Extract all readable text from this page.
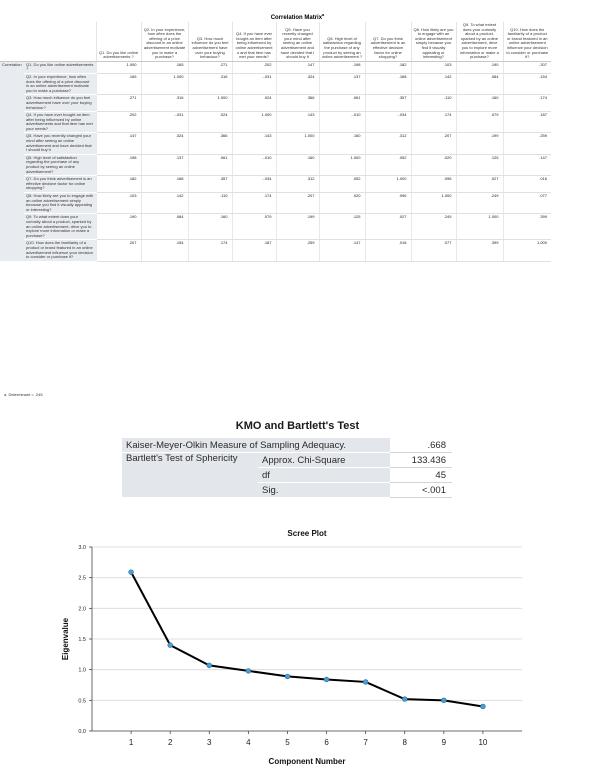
Correlation Matrix$^a$
		Q1. Do you like online advertisements ?	Q2. In your experience, how often does the offering of a price discount in an online advertisement motivate you to make a purchase?	Q3. How much influence do you feel advertisement have over your buying behaviour?	Q4. If you have ever bought an item after being influenced by online advertisement s and that item has met your needs?	Q5. Have you recently changed your mind after seeing an online advertisement and have decided that I should buy it	Q6. High level of satisfaction regarding the purchase of any product by seeing an online advertisement ?	Q7. Do you think advertisement is an effective decisive factor for online shopping?	Q8. How likely are you to engage with an online advertisement simply because you find it visually appealing or interesting?	Q9. To what extent does your curiosity about a product, sparked by an online advertisement, drive you to explore more information or make a purchase?	Q10. How does the familiarity of a product or brand featured in an online advertisement influence your decision to consider or purchase it?
Correlation	Q1. Do you like online advertisements ?	1.000	.165	.271	.202	.147	.198	.182	.103	.190	.207
	Q2. In your experience, how often does the offering of a price discount in an online advertisement motivate you to make a purchase?	.165	1.000	.316	-.031	.324	.137	.168	.142	.084	.154
	Q3. How much influence do you feel advertisement have over your buying behaviour?	.271	.316	1.000	.024	.366	.061	.357	.110	.160	.174
	Q4. If you have ever bought an item after being influenced by online advertisements and that item has met your needs?	.202	-.031	.024	1.000	.143	-.010	-.034	.174	.079	.187
	Q5. Have you recently changed your mind after seeing an online advertisement and have decided that I should buy it	.147	.324	.366	.143	1.000	.160	.312	.207	.199	.259
	Q6. High level of satisfaction regarding the purchase of any product by seeing an online advertisement?	.198	.137	.061	-.010	.160	1.000	.052	.020	.125	.147
	Q7. Do you think advertisement is an effective decisive factor for online shopping?	.182	.168	.357	-.034	.312	.052	1.000	.096	.027	.016
	Q8. How likely are you to engage with an online advertisement simply because you find it visually appealing or interesting?	.103	.142	.110	.174	.207	.020	.096	1.000	.249	.077
	Q9. To what extent does your curiosity about a product, sparked by an online advertisement, drive you to explore more information or make a purchase?	.190	.084	.160	.079	.199	.125	.027	.249	1.000	.399
	Q10. How does the familiarity of a product or brand featured in an online advertisement influence your decision to consider or purchase it?	.207	.154	.174	.187	.259	.147	.016	.077	.399	1.000
a. Determinant = .245
KMO and Bartlett's Test
Kaiser-Meyer-Olkin Measure of Sampling Adequacy.		.668
Bartlett's Test of Sphericity	Approx. Chi-Square	133.436
	df	45
	Sig.	<.001
Scree Plot
0.0
0.5
1.0
1.5
2.0
2.5
3.0
1	2	3	4	5	6	7	8	9	10
Component Number
Eigenvalue
